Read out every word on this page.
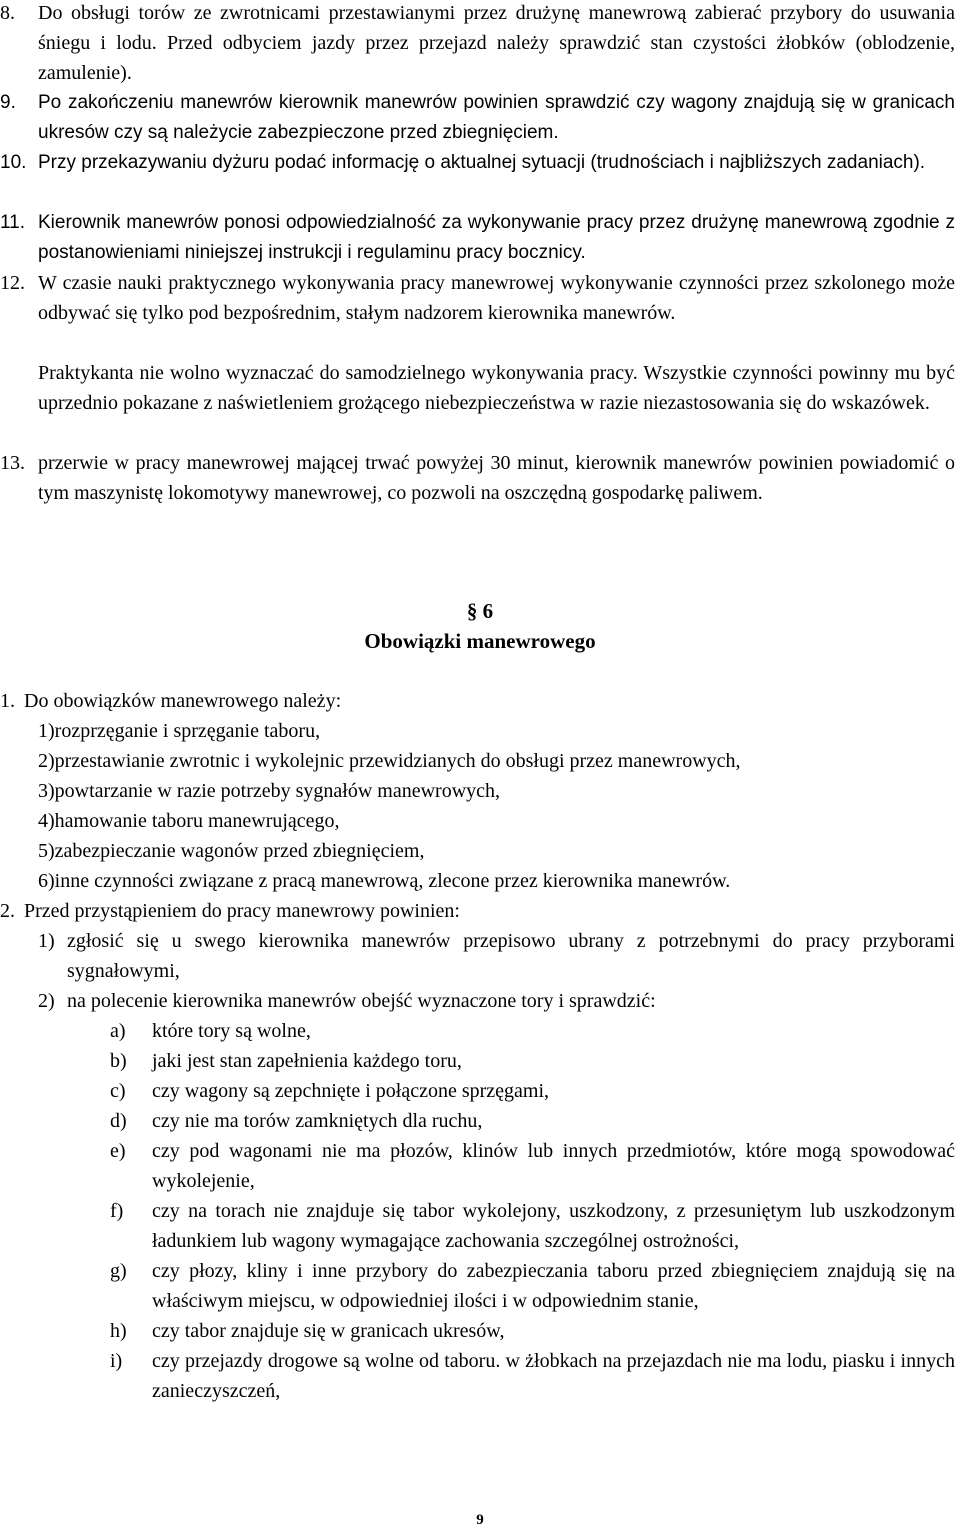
8. Do obsługi torów ze zwrotnicami przestawianymi przez drużynę manewrową zabierać przybory do usuwania śniegu i lodu. Przed odbyciem jazdy przez przejazd należy sprawdzić stan czystości żłobków (oblodzenie, zamulenie).
9. Po zakończeniu manewrów kierownik manewrów powinien sprawdzić czy wagony znajdują się w granicach ukresów czy są należycie zabezpieczone przed zbiegnięciem.
10. Przy przekazywaniu dyżuru podać informację o aktualnej sytuacji (trudnościach i najbliższych zadaniach).
11. Kierownik manewrów ponosi odpowiedzialność za wykonywanie pracy przez drużynę manewrową zgodnie z postanowieniami niniejszej instrukcji i regulaminu pracy bocznicy.
12. W czasie nauki praktycznego wykonywania pracy manewrowej wykonywanie czynności przez szkolonego może odbywać się tylko pod bezpośrednim, stałym nadzorem kierownika manewrów.
Praktykanta nie wolno wyznaczać do samodzielnego wykonywania pracy. Wszystkie czynności powinny mu być uprzednio pokazane z naświetleniem grożącego niebezpieczeństwa w razie niezastosowania się do wskazówek.
13. przerwie w pracy manewrowej mającej trwać powyżej 30 minut, kierownik manewrów powinien powiadomić o tym maszynistę lokomotywy manewrowej, co pozwoli na oszczędną gospodarkę paliwem.
§ 6
Obowiązki manewrowego
1. Do obowiązków manewrowego należy:
1)rozprzęganie i sprzęganie taboru,
2)przestawianie zwrotnic i wykolejnic przewidzianych do obsługi przez manewrowych,
3)powtarzanie w razie potrzeby sygnałów manewrowych,
4)hamowanie taboru manewrującego,
5)zabezpieczanie wagonów przed zbiegnięciem,
6)inne czynności związane z pracą manewrową, zlecone przez kierownika manewrów.
2. Przed przystąpieniem do pracy manewrowy powinien:
1) zgłosić się u swego kierownika manewrów przepisowo ubrany z potrzebnymi do pracy przyborami sygnałowymi,
2) na polecenie kierownika manewrów obejść wyznaczone tory i sprawdzić:
a) które tory są wolne,
b) jaki jest stan zapełnienia każdego toru,
c) czy wagony są zepchnięte i połączone sprzęgami,
d) czy nie ma torów zamkniętych dla ruchu,
e) czy pod wagonami nie ma płozów, klinów lub innych przedmiotów, które mogą spowodować wykolejenie,
f) czy na torach nie znajduje się tabor wykolejony, uszkodzony, z przesuniętym lub uszkodzonym ładunkiem lub wagony wymagające zachowania szczególnej ostrożności,
g) czy płozy, kliny i inne przybory do zabezpieczania taboru przed zbiegnięciem znajdują się na właściwym miejscu, w odpowiedniej ilości i w odpowiednim stanie,
h) czy tabor znajduje się w granicach ukresów,
i) czy przejazdy drogowe są wolne od taboru. w żłobkach na przejazdach nie ma lodu, piasku i innych zanieczyszczeń,
9
